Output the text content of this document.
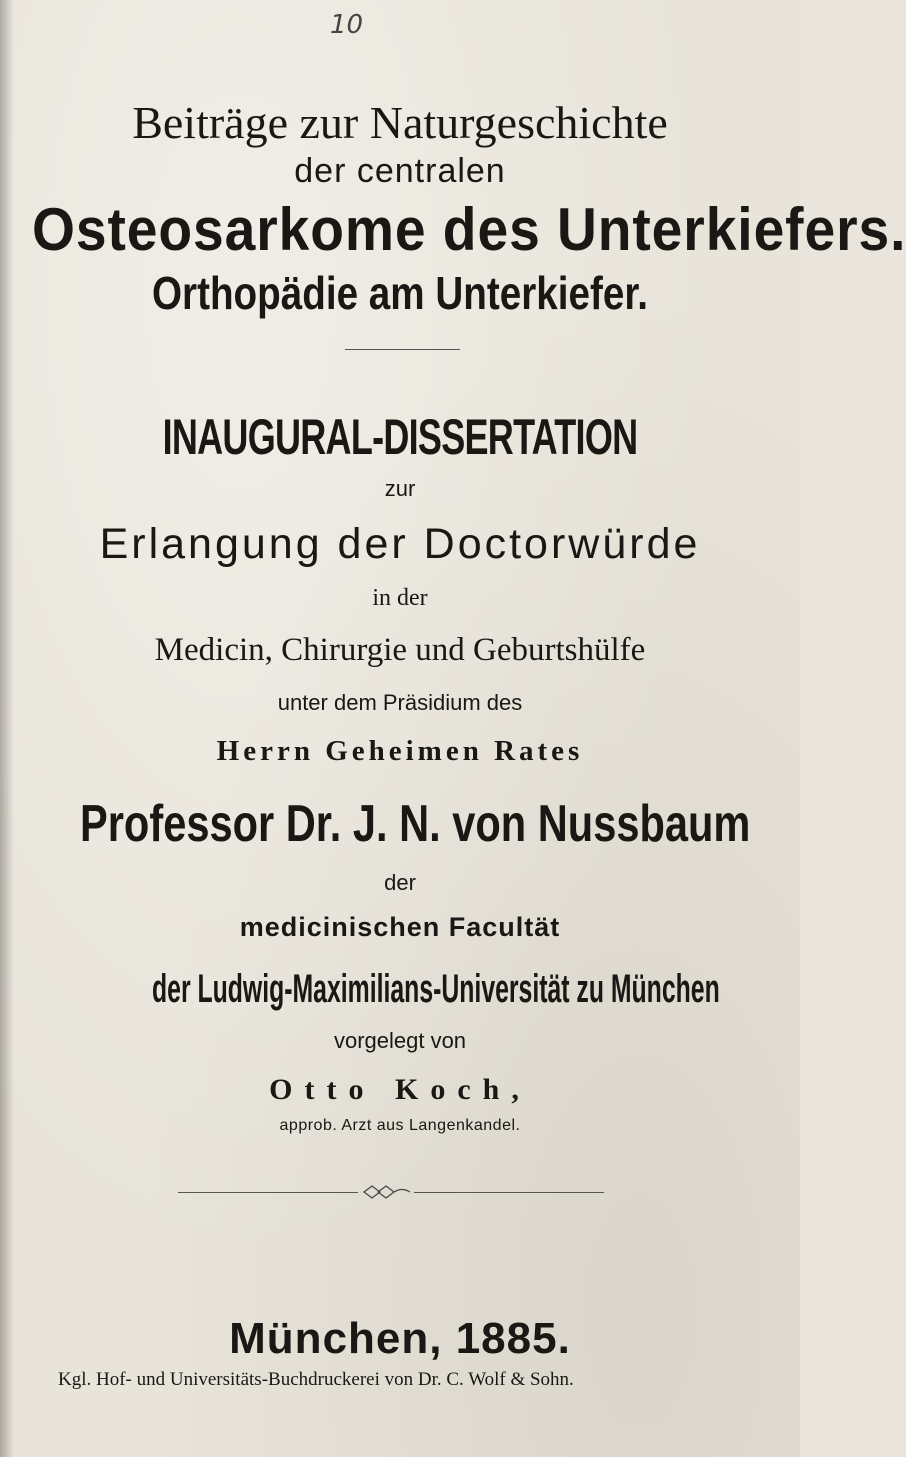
10
Beiträge zur Naturgeschichte
der centralen
Osteosarkome des Unterkiefers.
Orthopädie am Unterkiefer.
INAUGURAL-DISSERTATION
zur
Erlangung der Doctorwürde
in der
Medicin, Chirurgie und Geburtshülfe
unter dem Präsidium des
Herrn Geheimen Rates
Professor Dr. J. N. von Nussbaum
der
medicinischen Facultät
der Ludwig-Maximilians-Universität zu München
vorgelegt von
Otto Koch,
approb. Arzt aus Langenkandel.
München, 1885.
Kgl. Hof- und Universitäts-Buchdruckerei von Dr. C. Wolf & Sohn.
